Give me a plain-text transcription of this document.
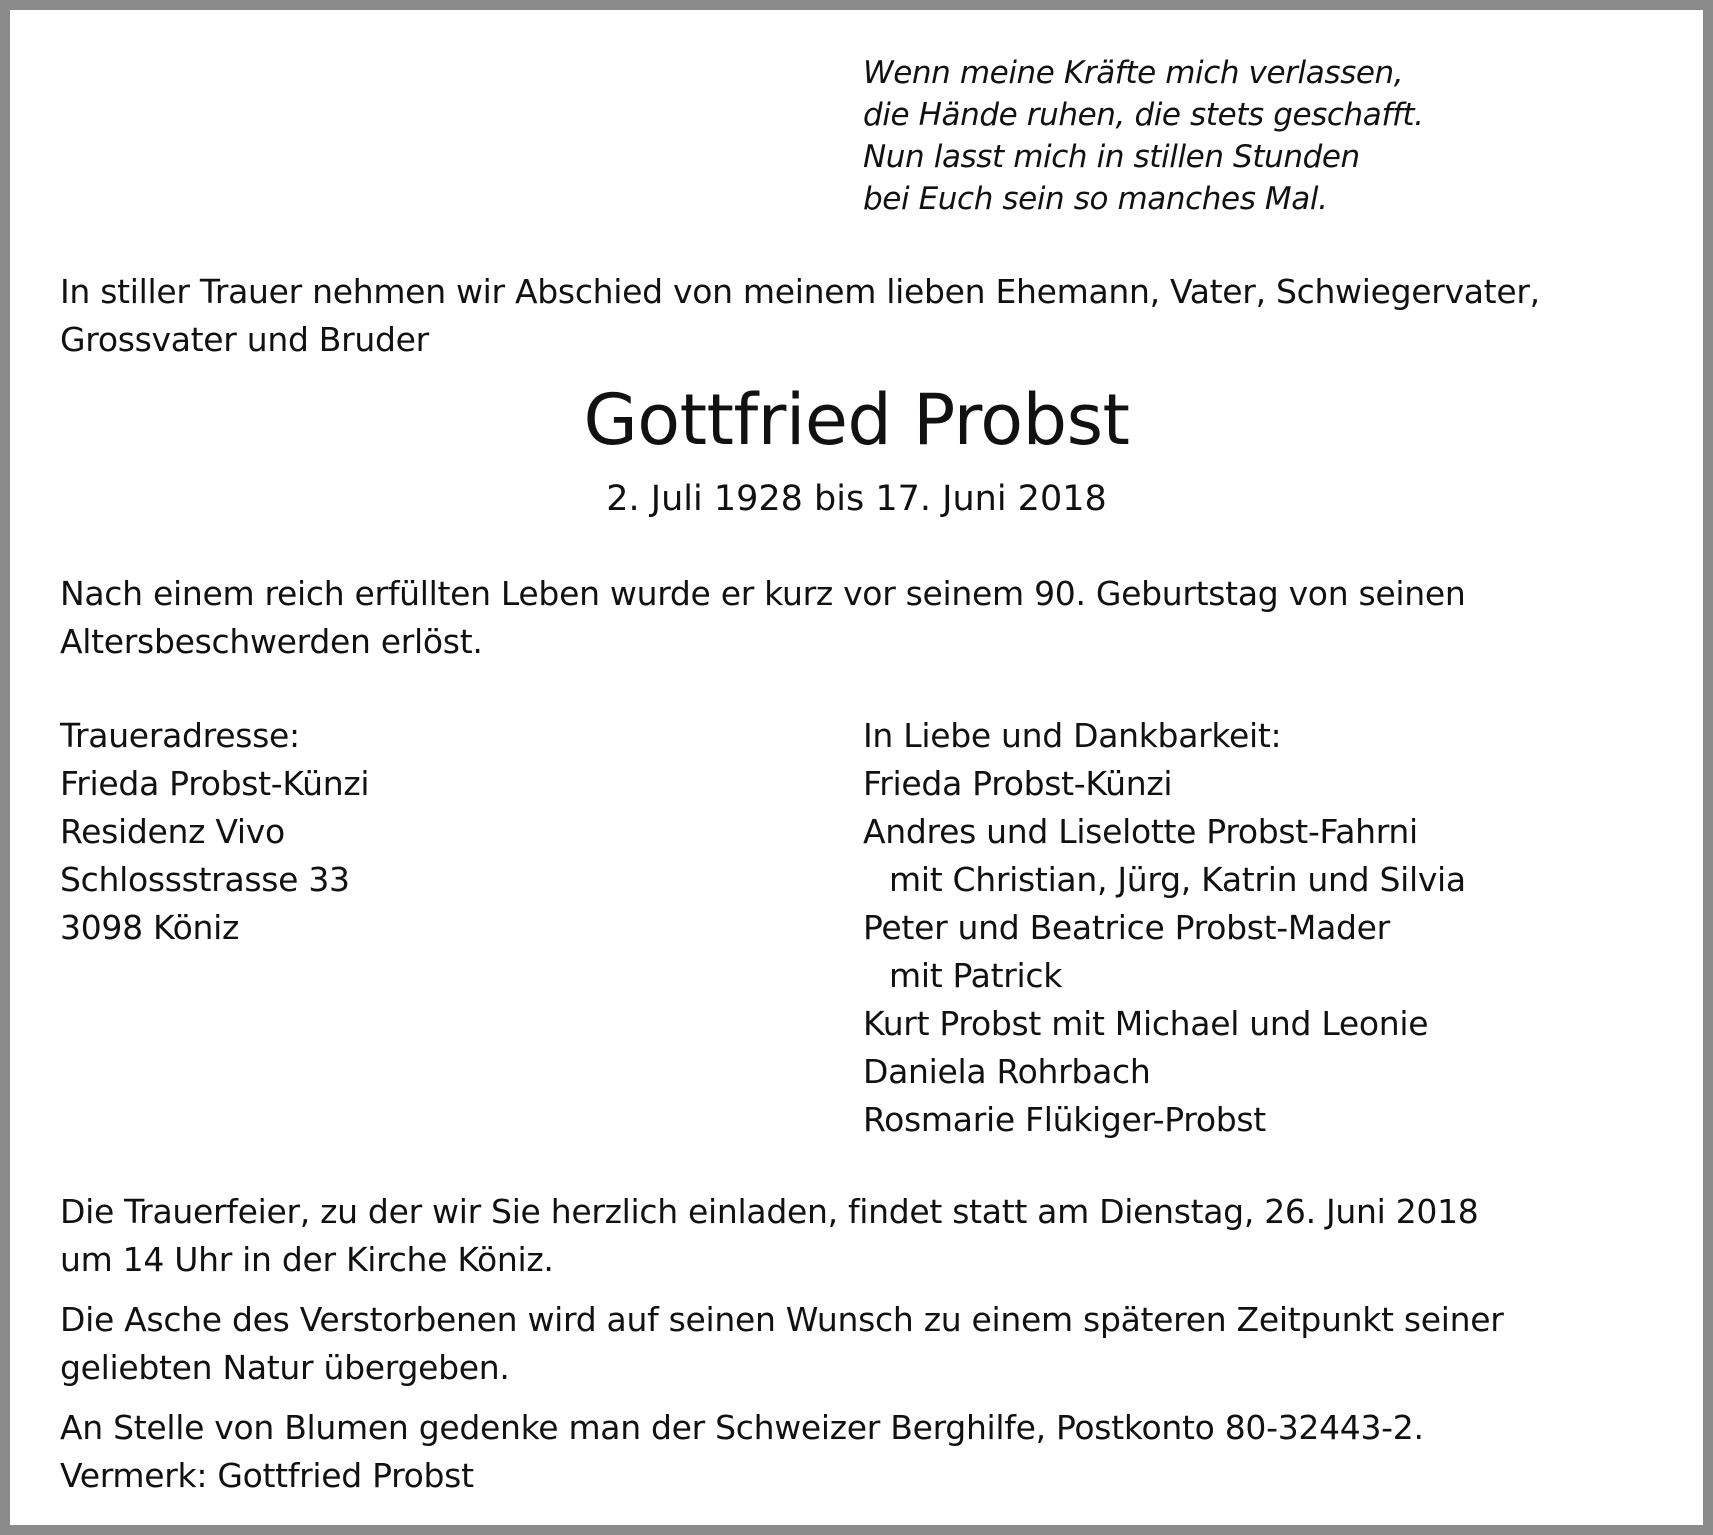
Wenn meine Kräfte mich verlassen,
die Hände ruhen, die stets geschafft.
Nun lasst mich in stillen Stunden
bei Euch sein so manches Mal.
In stiller Trauer nehmen wir Abschied von meinem lieben Ehemann, Vater, Schwiegervater,
Grossvater und Bruder
Gottfried Probst
2. Juli 1928 bis 17. Juni 2018
Nach einem reich erfüllten Leben wurde er kurz vor seinem 90. Geburtstag von seinen
Altersbeschwerden erlöst.
Traueradresse:
Frieda Probst-Künzi
Residenz Vivo
Schlossstrasse 33
3098 Köniz
In Liebe und Dankbarkeit:
Frieda Probst-Künzi
Andres und Liselotte Probst-Fahrni
mit Christian, Jürg, Katrin und Silvia
Peter und Beatrice Probst-Mader
mit Patrick
Kurt Probst mit Michael und Leonie
Daniela Rohrbach
Rosmarie Flükiger-Probst
Die Trauerfeier, zu der wir Sie herzlich einladen, findet statt am Dienstag, 26. Juni 2018
um 14 Uhr in der Kirche Köniz.
Die Asche des Verstorbenen wird auf seinen Wunsch zu einem späteren Zeitpunkt seiner
geliebten Natur übergeben.
An Stelle von Blumen gedenke man der Schweizer Berghilfe, Postkonto 80-32443-2.
Vermerk: Gottfried Probst
